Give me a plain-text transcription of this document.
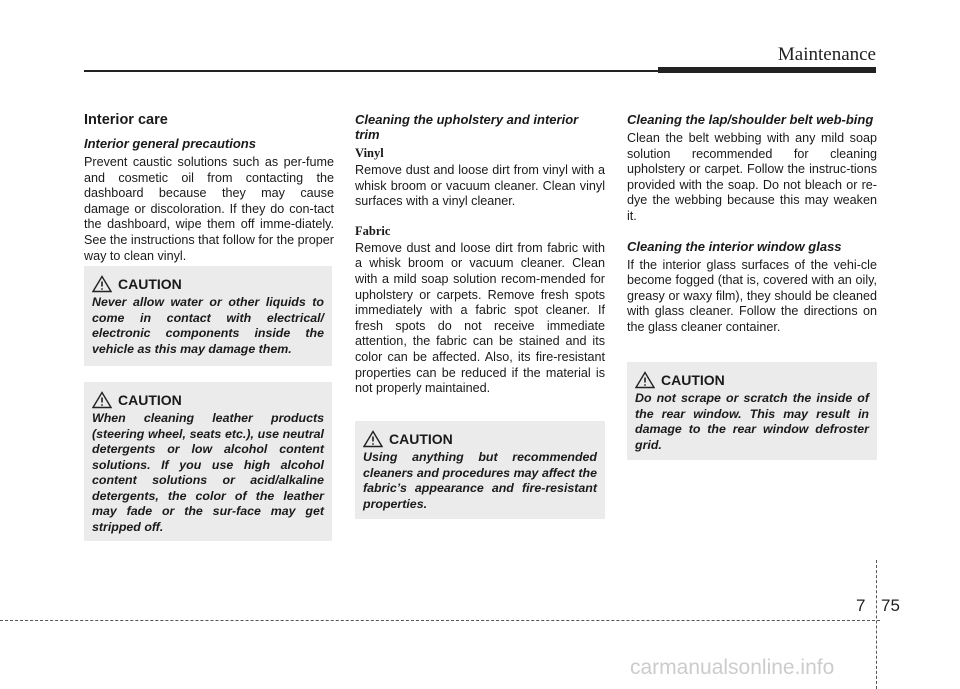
Maintenance
Interior care
Interior general precautions

Prevent caustic solutions such as per-fume and cosmetic oil from contacting the dashboard because they may cause damage or discoloration. If they do con-tact the dashboard, wipe them off imme-diately. See the instructions that follow for the proper way to clean vinyl.

CAUTION

Never allow water or other liquids to come in contact with electrical/ electronic components inside the vehicle as this may damage them.

CAUTION

When cleaning leather products (steering wheel, seats etc.), use neutral detergents or low alcohol content solutions. If you use high alcohol content solutions or acid/alkaline detergents, the color of the leather may fade or the sur-face may get stripped off.

Cleaning the upholstery and interior trim
Vinyl

Remove dust and loose dirt from vinyl with a whisk broom or vacuum cleaner. Clean vinyl surfaces with a vinyl cleaner.

Fabric

Remove dust and loose dirt from fabric with a whisk broom or vacuum cleaner. Clean with a mild soap solution recom-mended for upholstery or carpets. Remove fresh spots immediately with a fabric spot cleaner. If fresh spots do not receive immediate attention, the fabric can be stained and its color can be affected. Also, its fire-resistant properties can be reduced if the material is not properly maintained.

CAUTION

Using anything but recommended cleaners and procedures may affect the fabric’s appearance and fire-resistant properties.

Cleaning the lap/shoulder belt web-bing

Clean the belt webbing with any mild soap solution recommended for cleaning upholstery or carpet. Follow the instruc-tions provided with the soap. Do not bleach or re-dye the webbing because this may weaken it.

Cleaning the interior window glass

If the interior glass surfaces of the vehi-cle become fogged (that is, covered with an oily, greasy or waxy film), they should be cleaned with glass cleaner. Follow the directions on the glass cleaner container.

CAUTION

Do not scrape or scratch the inside of the rear window. This may result in damage to the rear window defroster grid.

7 75
carmanualsonline.info
